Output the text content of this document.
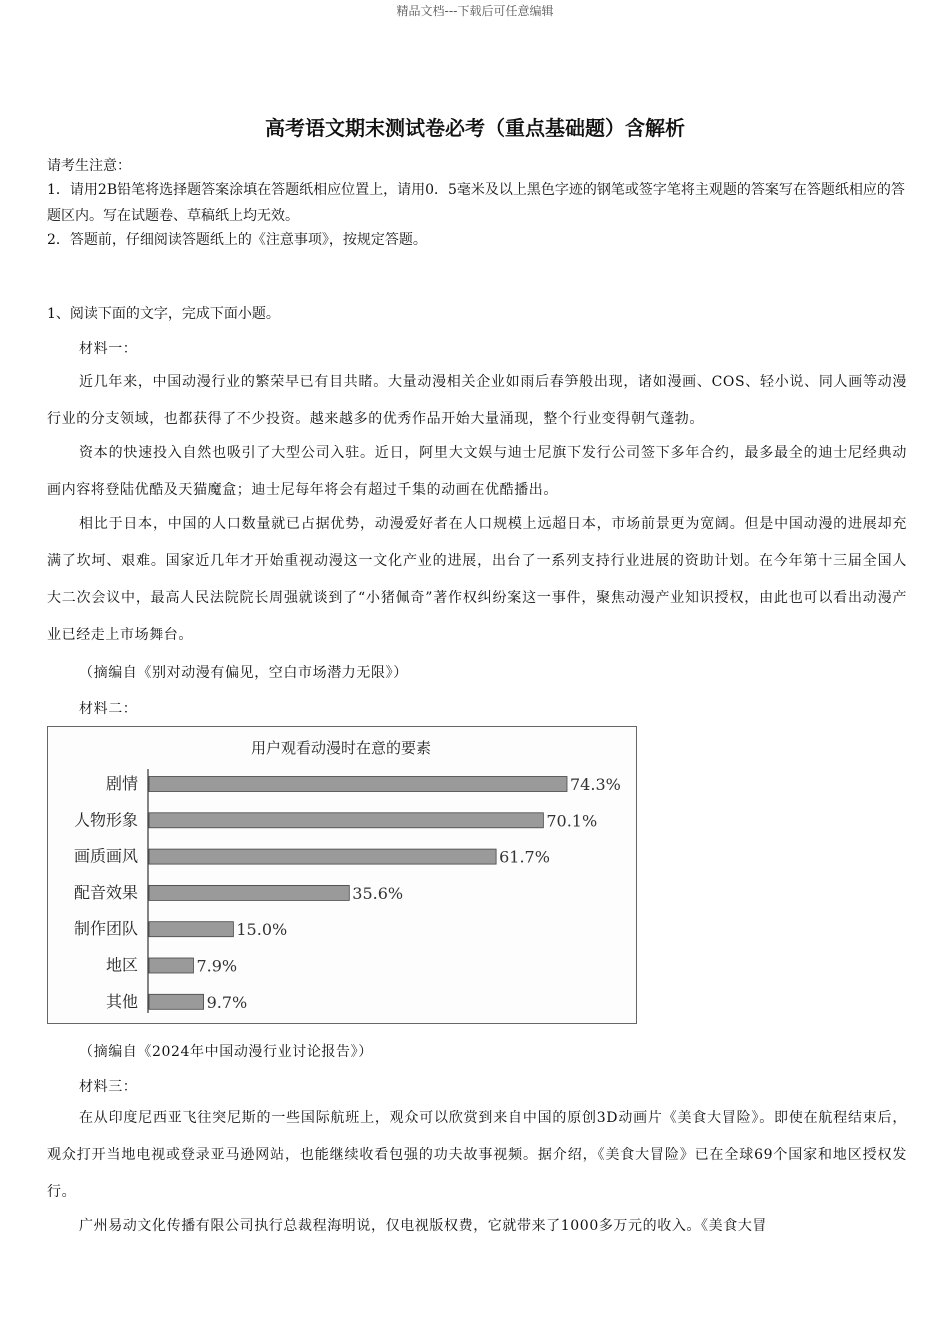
精品文档---下载后可任意编辑
高考语文期末测试卷必考（重点基础题）含解析
请考生注意：
1．请用2B铅笔将选择题答案涂填在答题纸相应位置上，请用0．5毫米及以上黑色字迹的钢笔或签字笔将主观题的答案写在答题纸相应的答题区内。写在试题卷、草稿纸上均无效。
2．答题前，仔细阅读答题纸上的《注意事项》，按规定答题。
1、阅读下面的文字，完成下面小题。
材料一：
近几年来，中国动漫行业的繁荣早已有目共睹。大量动漫相关企业如雨后春笋般出现，诸如漫画、COS、轻小说、同人画等动漫行业的分支领域，也都获得了不少投资。越来越多的优秀作品开始大量涌现，整个行业变得朝气蓬勃。
资本的快速投入自然也吸引了大型公司入驻。近日，阿里大文娱与迪士尼旗下发行公司签下多年合约，最多最全的迪士尼经典动画内容将登陆优酷及天猫魔盒；迪士尼每年将会有超过千集的动画在优酷播出。
相比于日本，中国的人口数量就已占据优势，动漫爱好者在人口规模上远超日本，市场前景更为宽阔。但是中国动漫的进展却充满了坎坷、艰难。国家近几年才开始重视动漫这一文化产业的进展，出台了一系列支持行业进展的资助计划。在今年第十三届全国人大二次会议中，最高人民法院院长周强就谈到了“小猪佩奇”著作权纠纷案这一事件，聚焦动漫产业知识授权，由此也可以看出动漫产业已经走上市场舞台。
（摘编自《别对动漫有偏见，空白市场潜力无限》）
材料二：
用户观看动漫时在意的要素
剧情	74.3%
人物形象	70.1%
画质画风	61.7%
配音效果	35.6%
制作团队	15.0%
地区	7.9%
其他	9.7%
（摘编自《2024年中国动漫行业讨论报告》）
材料三：
在从印度尼西亚飞往突尼斯的一些国际航班上，观众可以欣赏到来自中国的原创3D动画片《美食大冒险》。即使在航程结束后，观众打开当地电视或登录亚马逊网站，也能继续收看包强的功夫故事视频。据介绍，《美食大冒险》已在全球69个国家和地区授权发行。
广州易动文化传播有限公司执行总裁程海明说，仅电视版权费，它就带来了1000多万元的收入。《美食大冒
